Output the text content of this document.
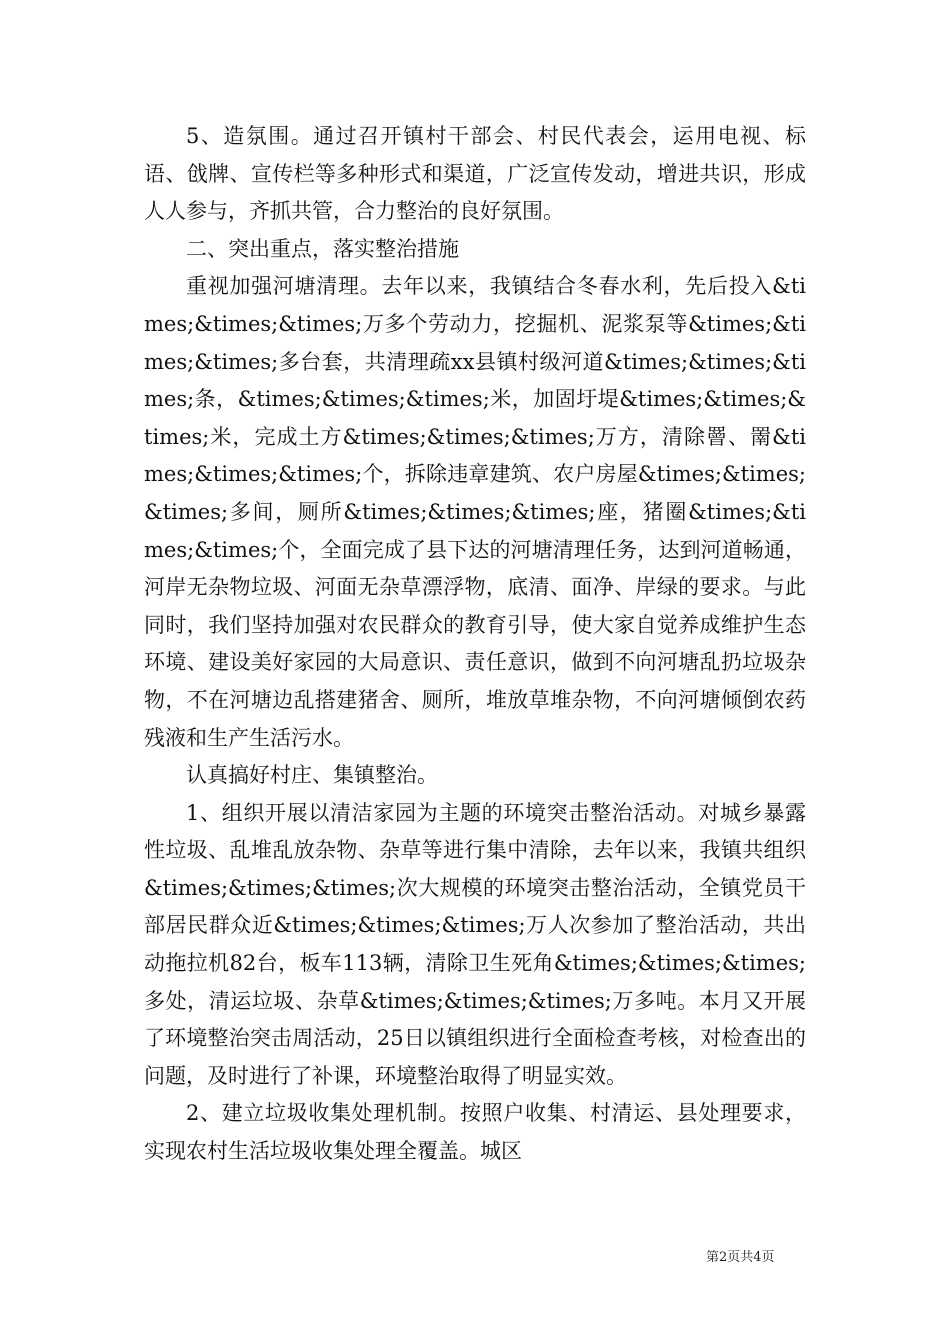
5、造氛围。通过召开镇村干部会、村民代表会，运用电视、标语、戗牌、宣传栏等多种形式和渠道，广泛宣传发动，增进共识，形成人人参与，齐抓共管，合力整治的良好氛围。

二、突出重点，落实整治措施

重视加强河塘清理。去年以来，我镇结合冬春水利，先后投入&times;&times;&times;万多个劳动力，挖掘机、泥浆泵等&times;&times;&times;多台套，共清理疏xx县镇村级河道&times;&times;&times;条，&times;&times;&times;米，加固圩堤&times;&times;&times;米，完成土方&times;&times;&times;万方，清除罾、罱&times;&times;&times;个，拆除违章建筑、农户房屋&times;&times;&times;多间，厕所&times;&times;&times;座，猪圈&times;&times;&times;个，全面完成了县下达的河塘清理任务，达到河道畅通，河岸无杂物垃圾、河面无杂草漂浮物，底清、面净、岸绿的要求。与此同时，我们坚持加强对农民群众的教育引导，使大家自觉养成维护生态环境、建设美好家园的大局意识、责任意识，做到不向河塘乱扔垃圾杂物，不在河塘边乱搭建猪舍、厕所，堆放草堆杂物，不向河塘倾倒农药残液和生产生活污水。

认真搞好村庄、集镇整治。

1、组织开展以清洁家园为主题的环境突击整治活动。对城乡暴露性垃圾、乱堆乱放杂物、杂草等进行集中清除，去年以来，我镇共组织&times;&times;&times;次大规模的环境突击整治活动，全镇党员干部居民群众近&times;&times;&times;万人次参加了整治活动，共出动拖拉机82台，板车113辆，清除卫生死角&times;&times;&times;多处，清运垃圾、杂草&times;&times;&times;万多吨。本月又开展了环境整治突击周活动，25日以镇组织进行全面检查考核，对检查出的问题，及时进行了补课，环境整治取得了明显实效。

2、建立垃圾收集处理机制。按照户收集、村清运、县处理要求，实现农村生活垃圾收集处理全覆盖。城区

第2页共4页
